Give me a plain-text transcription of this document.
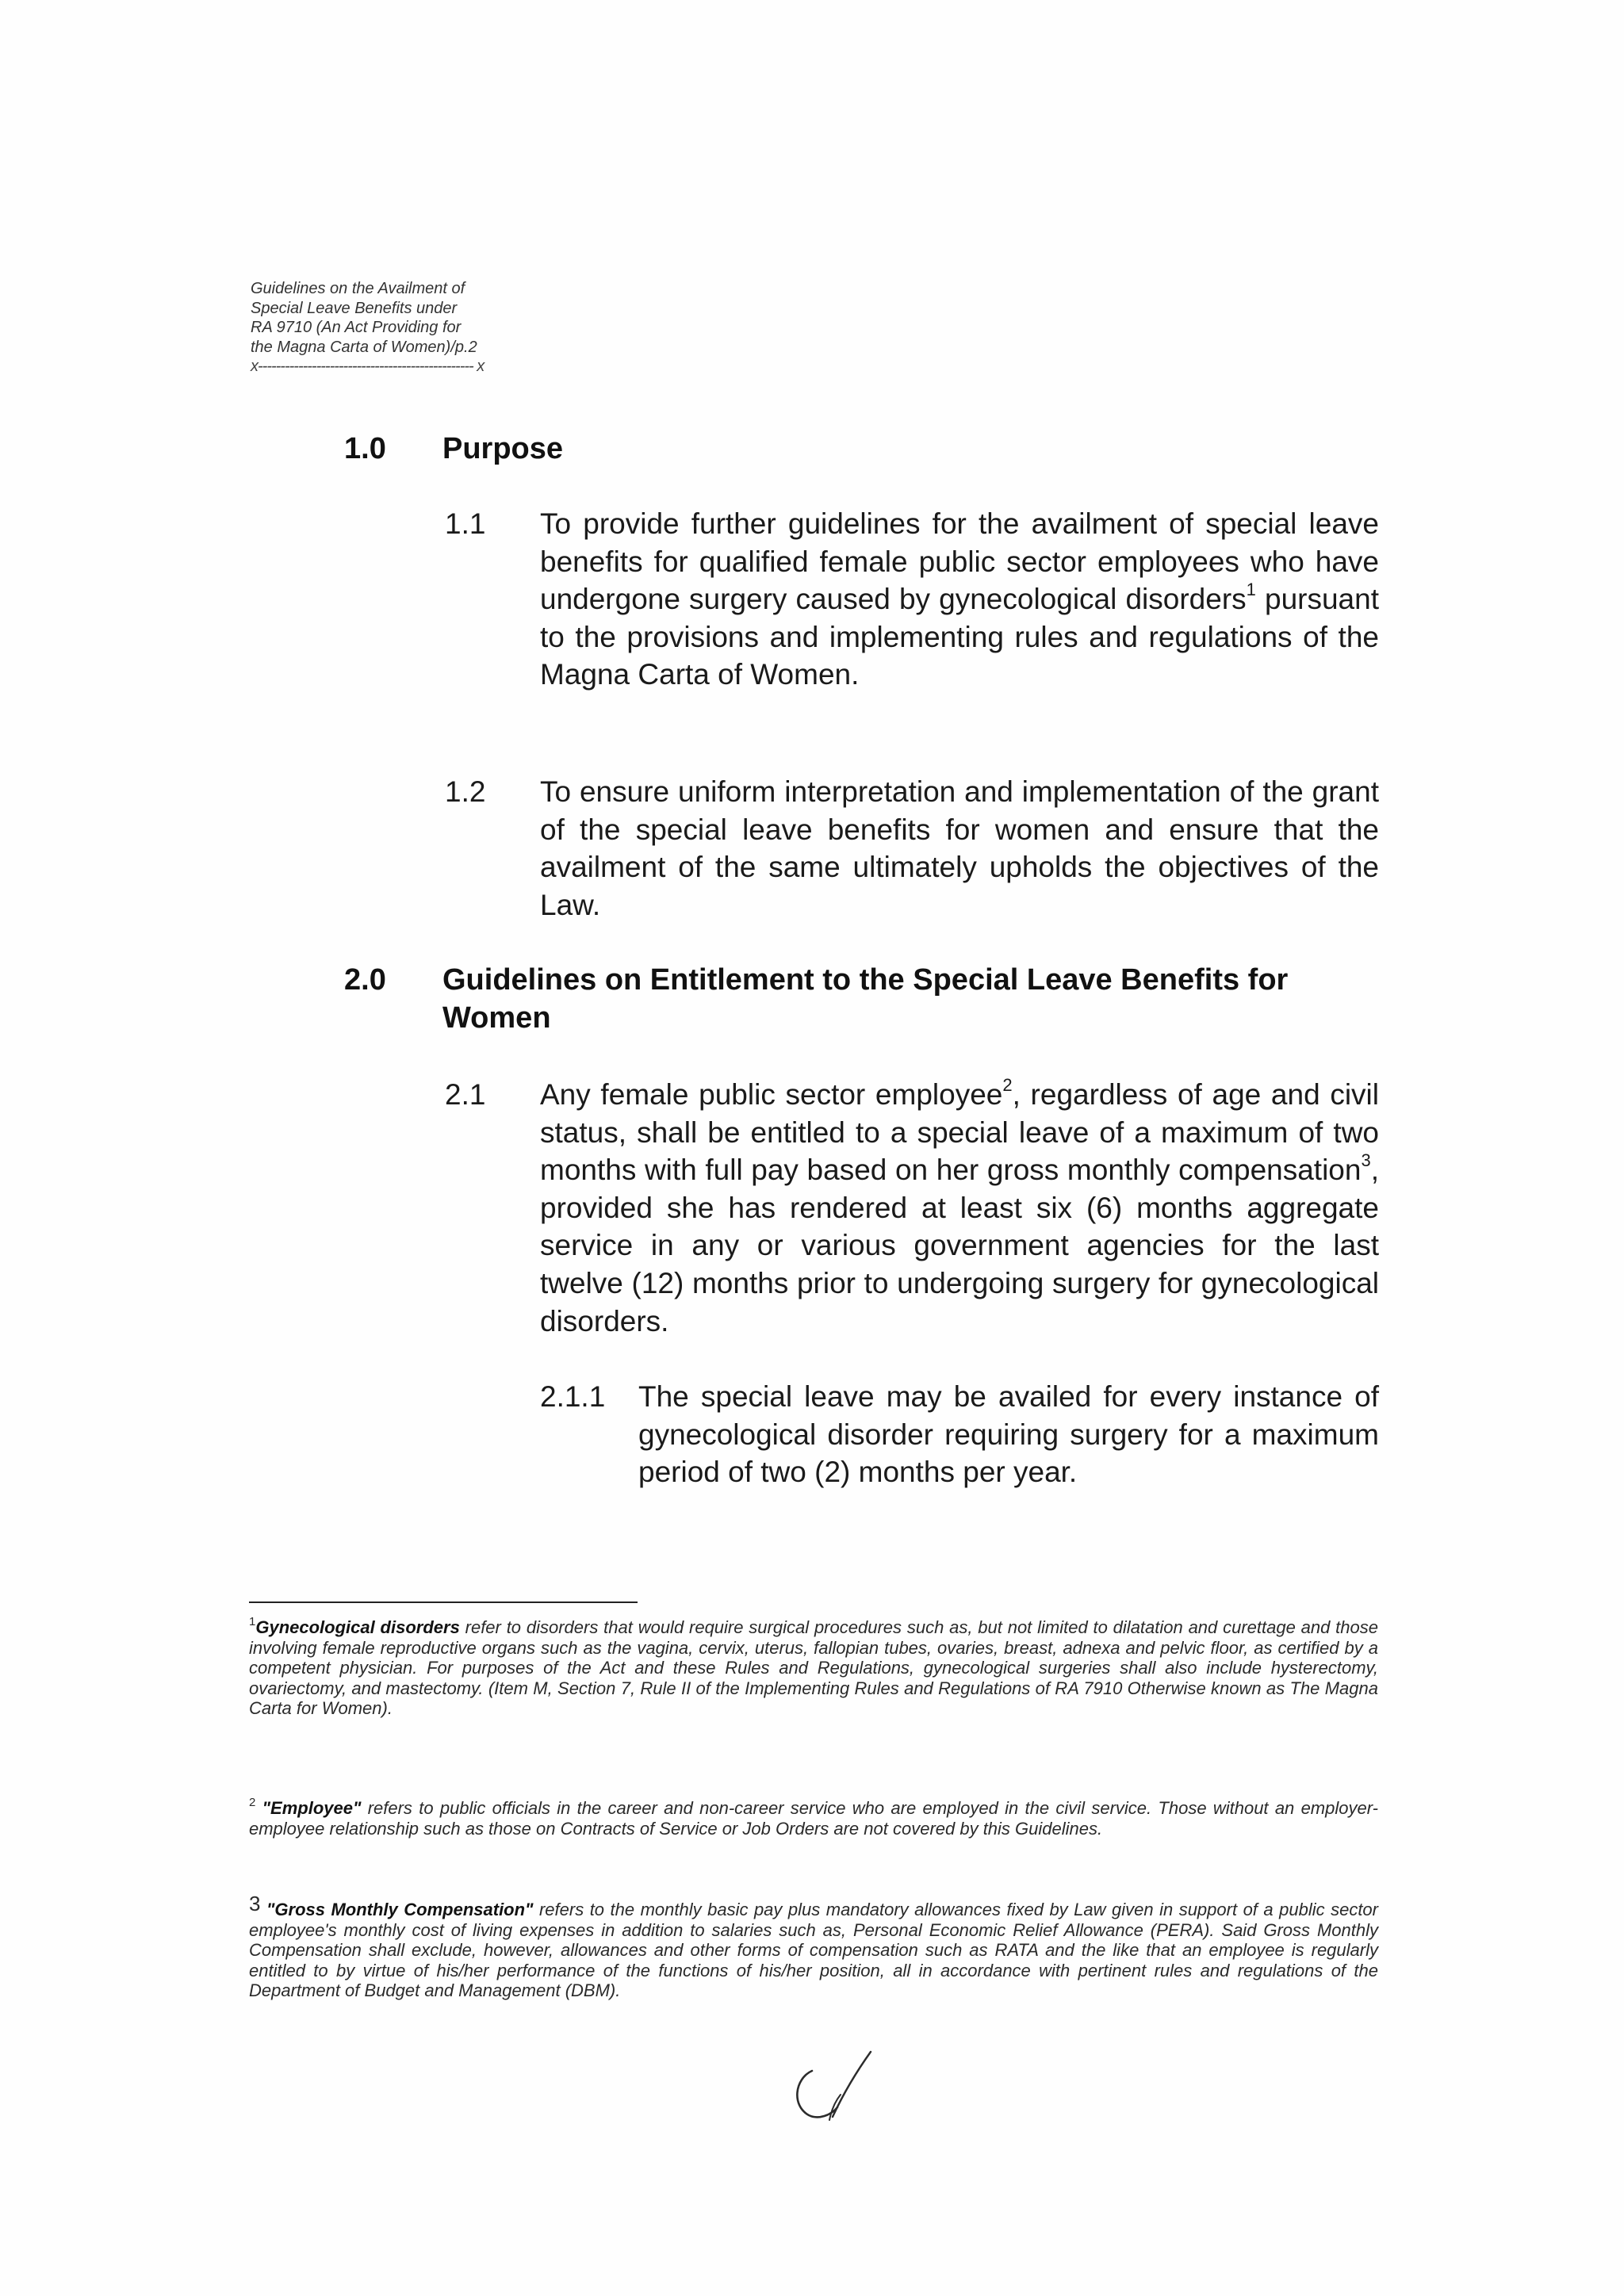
Guidelines on the Availment of
Special Leave Benefits under
RA 9710 (An Act Providing for
the Magna Carta of Women)/p.2
x------------------------------------------------ x
1.0 Purpose
1.1 To provide further guidelines for the availment of special leave benefits for qualified female public sector employees who have undergone surgery caused by gynecological disorders$^1$ pursuant to the provisions and implementing rules and regulations of the Magna Carta of Women.
1.2 To ensure uniform interpretation and implementation of the grant of the special leave benefits for women and ensure that the availment of the same ultimately upholds the objectives of the Law.
2.0 Guidelines on Entitlement to the Special Leave Benefits for Women
2.1 Any female public sector employee$^2$, regardless of age and civil status, shall be entitled to a special leave of a maximum of two months with full pay based on her gross monthly compensation$^3$, provided she has rendered at least six (6) months aggregate service in any or various government agencies for the last twelve (12) months prior to undergoing surgery for gynecological disorders.
2.1.1 The special leave may be availed for every instance of gynecological disorder requiring surgery for a maximum period of two (2) months per year.
$^1$Gynecological disorders refer to disorders that would require surgical procedures such as, but not limited to dilatation and curettage and those involving female reproductive organs such as the vagina, cervix, uterus, fallopian tubes, ovaries, breast, adnexa and pelvic floor, as certified by a competent physician. For purposes of the Act and these Rules and Regulations, gynecological surgeries shall also include hysterectomy, ovariectomy, and mastectomy. (Item M, Section 7, Rule II of the Implementing Rules and Regulations of RA 7910 Otherwise known as The Magna Carta for Women).
$^2$ "Employee" refers to public officials in the career and non-career service who are employed in the civil service. Those without an employer-employee relationship such as those on Contracts of Service or Job Orders are not covered by this Guidelines.
$^3$ "Gross Monthly Compensation" refers to the monthly basic pay plus mandatory allowances fixed by Law given in support of a public sector employee's monthly cost of living expenses in addition to salaries such as, Personal Economic Relief Allowance (PERA). Said Gross Monthly Compensation shall exclude, however, allowances and other forms of compensation such as RATA and the like that an employee is regularly entitled to by virtue of his/her performance of the functions of his/her position, all in accordance with pertinent rules and regulations of the Department of Budget and Management (DBM).
